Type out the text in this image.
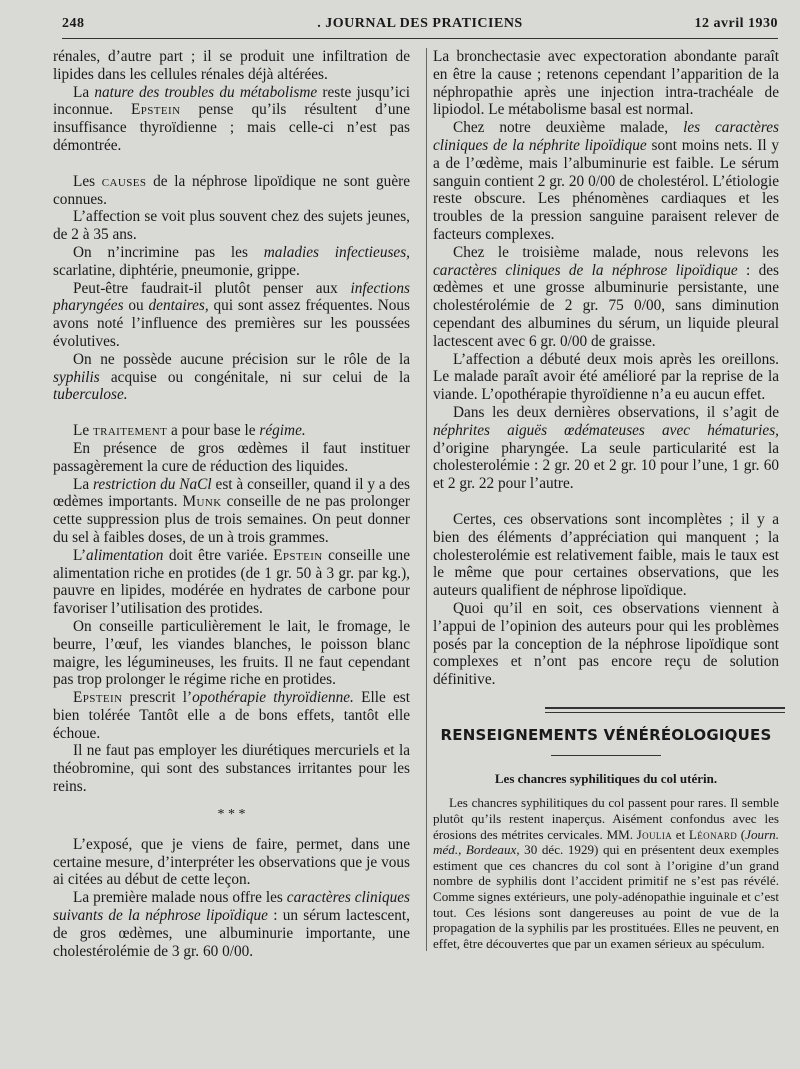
248	. JOURNAL DES PRATICIENS	12 avril 1930

rénales, d’autre part ; il se produit une infiltration de lipides dans les cellules rénales déjà altérées.

La nature des troubles du métabolisme reste jusqu’ici inconnue. Epstein pense qu’ils résultent d’une insuffisance thyroïdienne ; mais celle-ci n’est pas démontrée.

Les causes de la néphrose lipoïdique ne sont guère connues.

L’affection se voit plus souvent chez des sujets jeunes, de 2 à 35 ans.

On n’incrimine pas les maladies infectieuses, scarlatine, diphtérie, pneumonie, grippe.

Peut-être faudrait-il plutôt penser aux infections pharyngées ou dentaires, qui sont assez fréquentes. Nous avons noté l’influence des premières sur les poussées évolutives.

On ne possède aucune précision sur le rôle de la syphilis acquise ou congénitale, ni sur celui de la tuberculose.

Le traitement a pour base le régime.

En présence de gros œdèmes il faut instituer passagèrement la cure de réduction des liquides.

La restriction du NaCl est à conseiller, quand il y a des œdèmes importants. Munk conseille de ne pas prolonger cette suppression plus de trois semaines. On peut donner du sel à faibles doses, de un à trois grammes.

L’alimentation doit être variée. Epstein conseille une alimentation riche en protides (de 1 gr. 50 à 3 gr. par kg.), pauvre en lipides, modérée en hydrates de carbone pour favoriser l’utilisation des protides.

On conseille particulièrement le lait, le fromage, le beurre, l’œuf, les viandes blanches, le poisson blanc maigre, les légumineuses, les fruits. Il ne faut cependant pas trop prolonger le régime riche en protides.

Epstein prescrit l’opothérapie thyroïdienne. Elle est bien tolérée Tantôt elle a de bons effets, tantôt elle échoue.

Il ne faut pas employer les diurétiques mercuriels et la théobromine, qui sont des substances irritantes pour les reins.

* * *

L’exposé, que je viens de faire, permet, dans une certaine mesure, d’interpréter les observations que je vous ai citées au début de cette leçon.

La première malade nous offre les caractères cliniques suivants de la néphrose lipoïdique : un sérum lactescent, de gros œdèmes, une albuminurie importante, une cholestérolémie de 3 gr. 60 0/00.

La bronchectasie avec expectoration abondante paraît en être la cause ; retenons cependant l’apparition de la néphropathie après une injection intra-trachéale de lipiodol. Le métabolisme basal est normal.

Chez notre deuxième malade, les caractères cliniques de la néphrite lipoïdique sont moins nets. Il y a de l’œdème, mais l’albuminurie est faible. Le sérum sanguin contient 2 gr. 20 0/00 de cholestérol. L’étiologie reste obscure. Les phénomènes cardiaques et les troubles de la pression sanguine paraisent relever de facteurs complexes.

Chez le troisième malade, nous relevons les caractères cliniques de la néphrose lipoïdique : des œdèmes et une grosse albuminurie persistante, une cholestérolémie de 2 gr. 75 0/00, sans diminution cependant des albumines du sérum, un liquide pleural lactescent avec 6 gr. 0/00 de graisse.

L’affection a débuté deux mois après les oreillons. Le malade paraît avoir été amélioré par la reprise de la viande. L’opothérapie thyroïdienne n’a eu aucun effet.

Dans les deux dernières observations, il s’agit de néphrites aiguës œdémateuses avec hématuries, d’origine pharyngée. La seule particularité est la cholesterolémie : 2 gr. 20 et 2 gr. 10 pour l’une, 1 gr. 60 et 2 gr. 22 pour l’autre.

Certes, ces observations sont incomplètes ; il y a bien des éléments d’appréciation qui manquent ; la cholesterolémie est relativement faible, mais le taux est le même que pour certaines observations, que les auteurs qualifient de néphrose lipoïdique.

Quoi qu’il en soit, ces observations viennent à l’appui de l’opinion des auteurs pour qui les problèmes posés par la conception de la néphrose lipoïdique sont complexes et n’ont pas encore reçu de solution définitive.

RENSEIGNEMENTS VÉNÉRÉOLOGIQUES
Les chancres syphilitiques du col utérin.

Les chancres syphilitiques du col passent pour rares. Il semble plutôt qu’ils restent inaperçus. Aisément confondus avec les érosions des métrites cervicales. MM. Joulia et Léonard (Journ. méd., Bordeaux, 30 déc. 1929) qui en présentent deux exemples estiment que ces chancres du col sont à l’origine d’un grand nombre de syphilis dont l’accident primitif ne s’est pas révélé. Comme signes extérieurs, une poly-adénopathie inguinale et c’est tout. Ces lésions sont dangereuses au point de vue de la propagation de la syphilis par les prostituées. Elles ne peuvent, en effet, être découvertes que par un examen sérieux au spéculum.
